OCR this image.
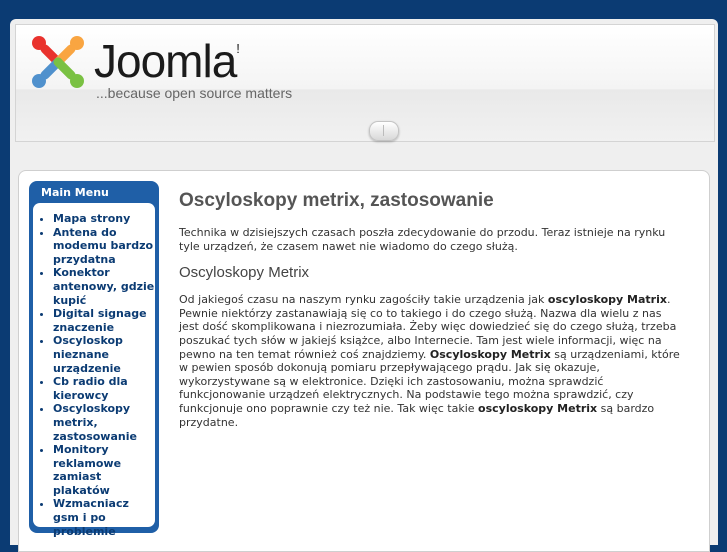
Joomla!
...because open source matters
Main Menu
• Mapa strony
• Antena do modemu bardzo przydatna
• Konektor antenowy, gdzie kupić
• Digital signage znaczenie
• Oscyloskop nieznane urządzenie
• Cb radio dla kierowcy
• Oscyloskopy metrix, zastosowanie
• Monitory reklamowe zamiast plakatów
• Wzmacniacz gsm i po problemie
Oscyloskopy metrix, zastosowanie

Technika w dzisiejszych czasach poszła zdecydowanie do przodu. Teraz istnieje na rynku tyle urządzeń, że czasem nawet nie wiadomo do czego służą.

Oscyloskopy Metrix

Od jakiegoś czasu na naszym rynku zagościły takie urządzenia jak oscyloskopy Matrix. Pewnie niektórzy zastanawiają się co to takiego i do czego służą. Nazwa dla wielu z nas jest dość skomplikowana i niezrozumiała. Żeby więc dowiedzieć się do czego służą, trzeba poszukać tych słów w jakiejś książce, albo Internecie. Tam jest wiele informacji, więc na pewno na ten temat również coś znajdziemy. Oscyloskopy Metrix są urządzeniami, które w pewien sposób dokonują pomiaru przepływającego prądu. Jak się okazuje, wykorzystywane są w elektronice. Dzięki ich zastosowaniu, można sprawdzić funkcjonowanie urządzeń elektrycznych. Na podstawie tego można sprawdzić, czy funkcjonuje ono poprawnie czy też nie. Tak więc takie oscyloskopy Metrix są bardzo przydatne.
